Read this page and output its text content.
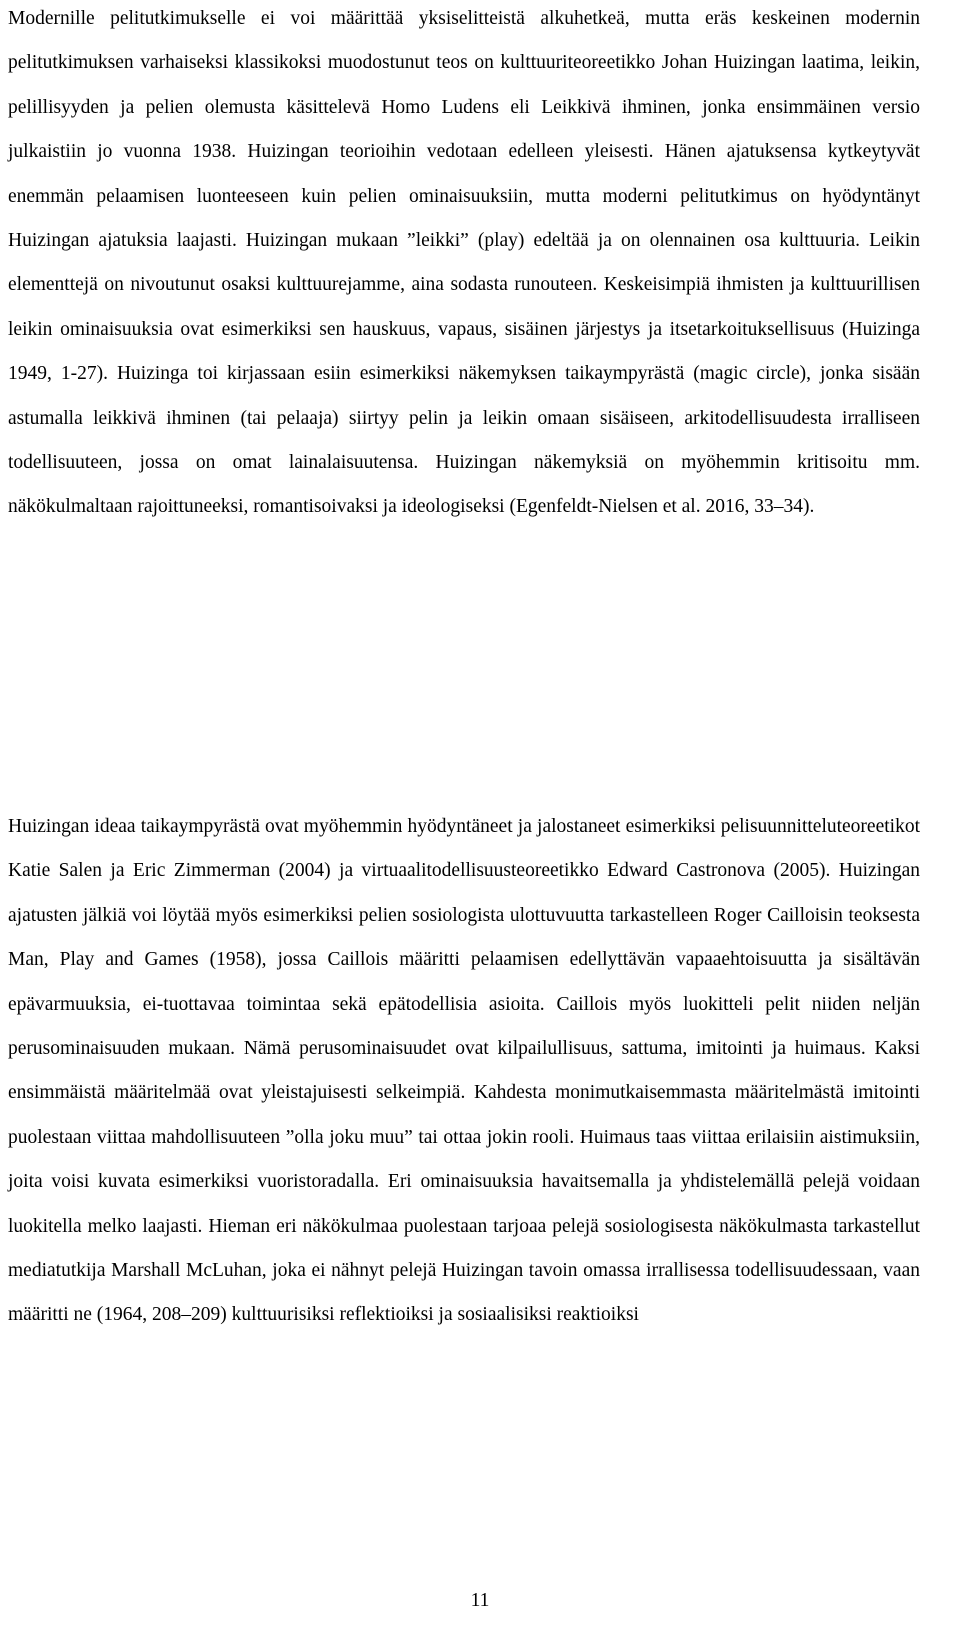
Modernille pelitutkimukselle ei voi määrittää yksiselitteistä alkuhetkeä, mutta eräs keskeinen modernin pelitutkimuksen varhaiseksi klassikoksi muodostunut teos on kulttuuriteoreetikko Johan Huizingan laatima, leikin, pelillisyyden ja pelien olemusta käsittelevä Homo Ludens eli Leikkivä ihminen, jonka ensimmäinen versio julkaistiin jo vuonna 1938. Huizingan teorioihin vedotaan edelleen yleisesti. Hänen ajatuksensa kytkeytyvät enemmän pelaamisen luonteeseen kuin pelien ominaisuuksiin, mutta moderni pelitutkimus on hyödyntänyt Huizingan ajatuksia laajasti. Huizingan mukaan ”leikki” (play) edeltää ja on olennainen osa kulttuuria. Leikin elementtejä on nivoutunut osaksi kulttuurejamme, aina sodasta runouteen. Keskeisimpiä ihmisten ja kulttuurillisen leikin ominaisuuksia ovat esimerkiksi sen hauskuus, vapaus, sisäinen järjestys ja itsetarkoituksellisuus (Huizinga 1949, 1-27). Huizinga toi kirjassaan esiin esimerkiksi näkemyksen taikaympyrästä (magic circle), jonka sisään astumalla leikkivä ihminen (tai pelaaja) siirtyy pelin ja leikin omaan sisäiseen, arkitodellisuudesta irralliseen todellisuuteen, jossa on omat lainalaisuutensa. Huizingan näkemyksiä on myöhemmin kritisoitu mm. näkökulmaltaan rajoittuneeksi, romantisoivaksi ja ideologiseksi (Egenfeldt-Nielsen et al. 2016, 33–34).

Huizingan ideaa taikaympyrästä ovat myöhemmin hyödyntäneet ja jalostaneet esimerkiksi pelisuunnitteluteoreetikot Katie Salen ja Eric Zimmerman (2004) ja virtuaalitodellisuusteoreetikko Edward Castronova (2005). Huizingan ajatusten jälkiä voi löytää myös esimerkiksi pelien sosiologista ulottuvuutta tarkastelleen Roger Cailloisin teoksesta Man, Play and Games (1958), jossa Caillois määritti pelaamisen edellyttävän vapaaehtoisuutta ja sisältävän epävarmuuksia, ei-tuottavaa toimintaa sekä epätodellisia asioita. Caillois myös luokitteli pelit niiden neljän perusominaisuuden mukaan. Nämä perusominaisuudet ovat kilpailullisuus, sattuma, imitointi ja huimaus. Kaksi ensimmäistä määritelmää ovat yleistajuisesti selkeimpiä. Kahdesta monimutkaisemmasta määritelmästä imitointi puolestaan viittaa mahdollisuuteen ”olla joku muu” tai ottaa jokin rooli. Huimaus taas viittaa erilaisiin aistimuksiin, joita voisi kuvata esimerkiksi vuoristoradalla. Eri ominaisuuksia havaitsemalla ja yhdistelemällä pelejä voidaan luokitella melko laajasti. Hieman eri näkökulmaa puolestaan tarjoaa pelejä sosiologisesta näkökulmasta tarkastellut mediatutkija Marshall McLuhan, joka ei nähnyt pelejä Huizingan tavoin omassa irrallisessa todellisuudessaan, vaan määritti ne (1964, 208–209) kulttuurisiksi reflektioiksi ja sosiaalisiksi reaktioiksi

11
